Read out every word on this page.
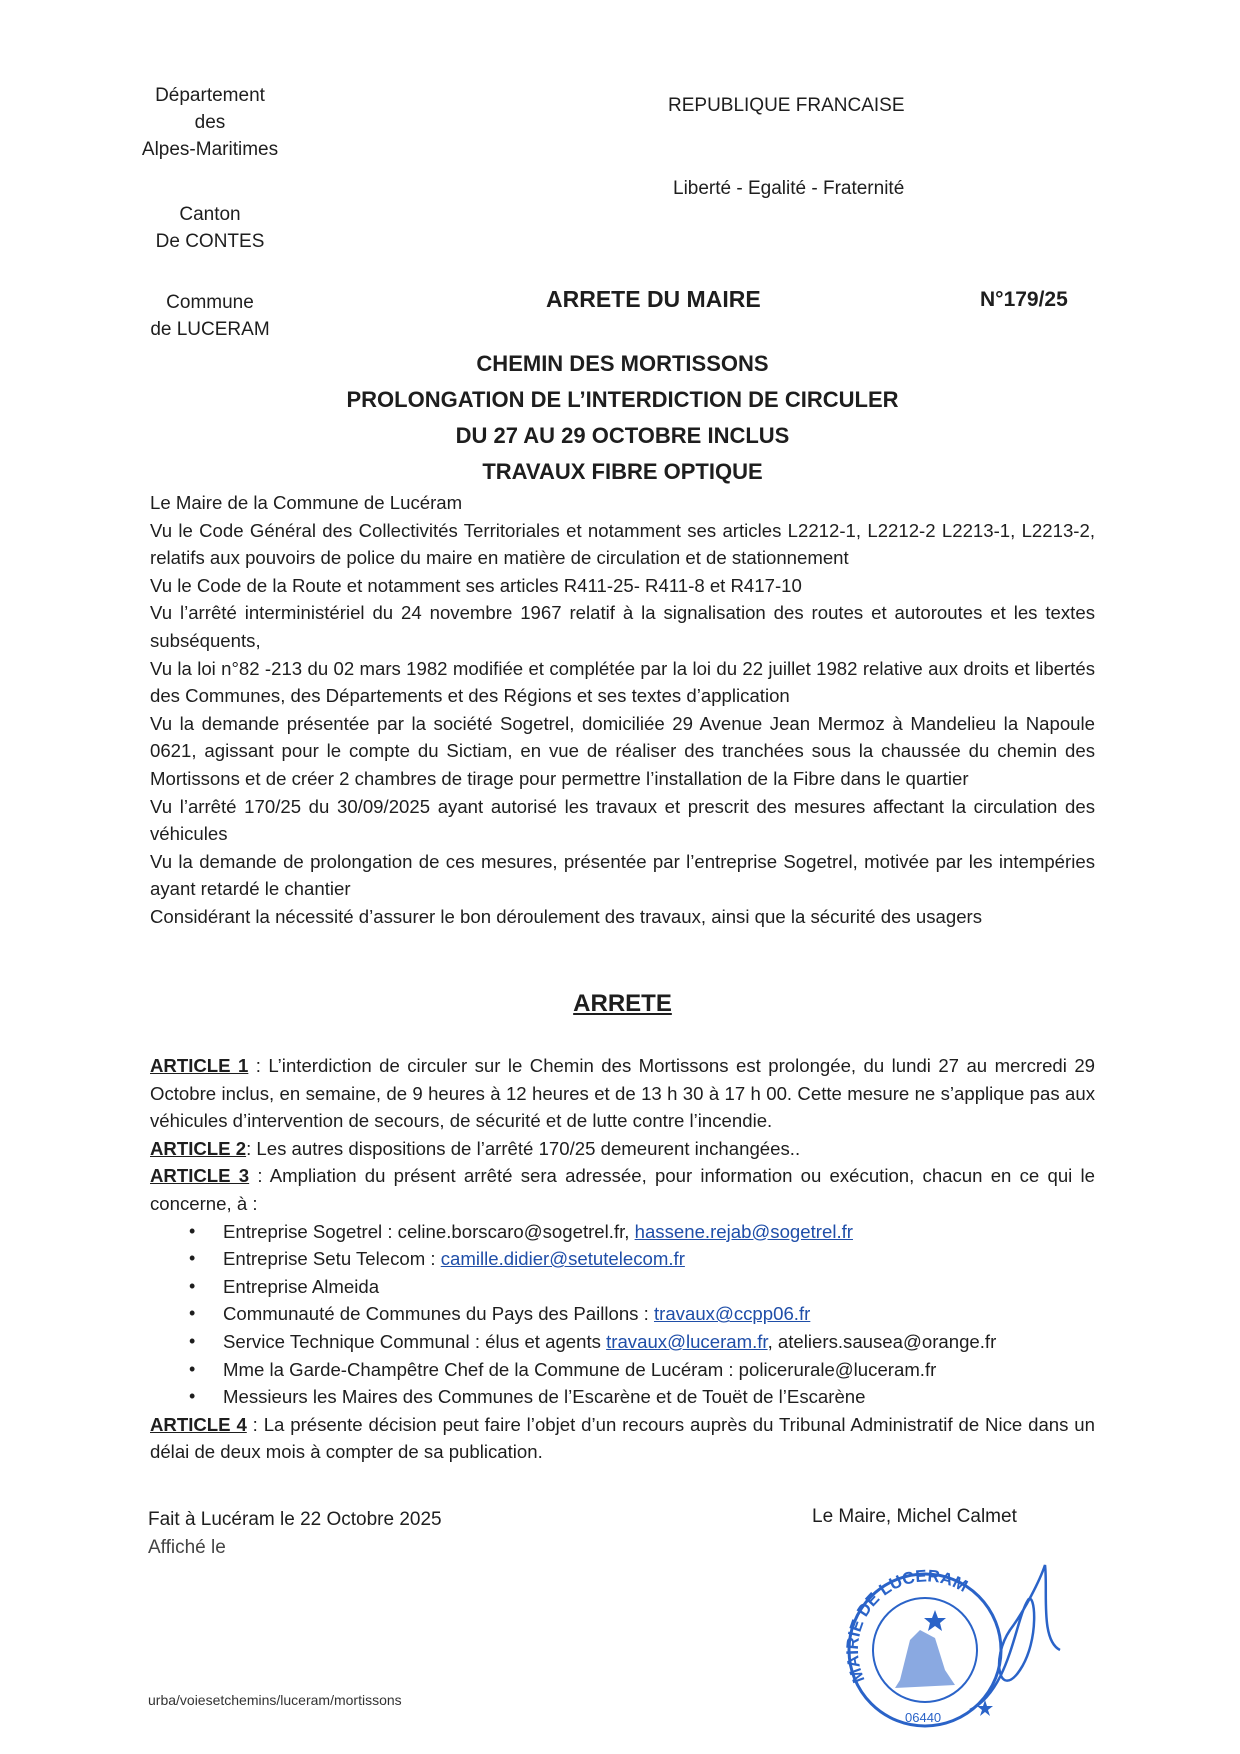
Département
des
Alpes-Maritimes
Canton
De CONTES
Commune
de LUCERAM
REPUBLIQUE FRANCAISE
Liberté - Egalité - Fraternité
ARRETE DU MAIRE	N°179/25
CHEMIN DES MORTISSONS
PROLONGATION DE L’INTERDICTION DE CIRCULER
DU 27 AU 29 OCTOBRE INCLUS
TRAVAUX FIBRE OPTIQUE

Le Maire de la Commune de Lucéram

Vu le Code Général des Collectivités Territoriales et notamment ses articles L2212-1, L2212-2 L2213-1, L2213-2, relatifs aux pouvoirs de police du maire en matière de circulation et de stationnement

Vu le Code de la Route et notamment ses articles R411-25- R411-8 et R417-10

Vu l’arrêté interministériel du 24 novembre 1967 relatif à la signalisation des routes et autoroutes et les textes subséquents,

Vu la loi n°82 -213 du 02 mars 1982 modifiée et complétée par la loi du 22 juillet 1982 relative aux droits et libertés des Communes, des Départements et des Régions et ses textes d’application

Vu la demande présentée par la société Sogetrel, domiciliée 29 Avenue Jean Mermoz à Mandelieu la Napoule 0621, agissant pour le compte du Sictiam, en vue de réaliser des tranchées sous la chaussée du chemin des Mortissons et de créer 2 chambres de tirage pour permettre l’installation de la Fibre dans le quartier

Vu l’arrêté 170/25 du 30/09/2025 ayant autorisé les travaux et prescrit des mesures affectant la circulation des véhicules

Vu la demande de prolongation de ces mesures, présentée par l’entreprise Sogetrel, motivée par les intempéries ayant retardé le chantier

Considérant la nécessité d’assurer le bon déroulement des travaux, ainsi que la sécurité des usagers

ARRETE

ARTICLE 1 : L’interdiction de circuler sur le Chemin des Mortissons est prolongée, du lundi 27 au mercredi 29 Octobre inclus, en semaine, de 9 heures à 12 heures et de 13 h 30 à 17 h 00. Cette mesure ne s’applique pas aux véhicules d’intervention de secours, de sécurité et de lutte contre l’incendie.

ARTICLE 2: Les autres dispositions de l’arrêté 170/25 demeurent inchangées..

ARTICLE 3 : Ampliation du présent arrêté sera adressée, pour information ou exécution, chacun en ce qui le concerne, à :

• Entreprise Sogetrel : celine.borscaro@sogetrel.fr, hassene.rejab@sogetrel.fr
• Entreprise Setu Telecom : camille.didier@setutelecom.fr
• Entreprise Almeida
• Communauté de Communes du Pays des Paillons : travaux@ccpp06.fr
• Service Technique Communal : élus et agents travaux@luceram.fr, ateliers.sausea@orange.fr
• Mme la Garde-Champêtre Chef de la Commune de Lucéram : policerurale@luceram.fr
• Messieurs les Maires des Communes de l’Escarène et de Touët de l’Escarène

ARTICLE 4 : La présente décision peut faire l’objet d’un recours auprès du Tribunal Administratif de Nice dans un délai de deux mois à compter de sa publication.

Fait à Lucéram le 22 Octobre 2025
Affiché le
Le Maire, Michel Calmet
06440
MAIRIE DE LUCERAM
urba/voiesetchemins/luceram/mortissons
